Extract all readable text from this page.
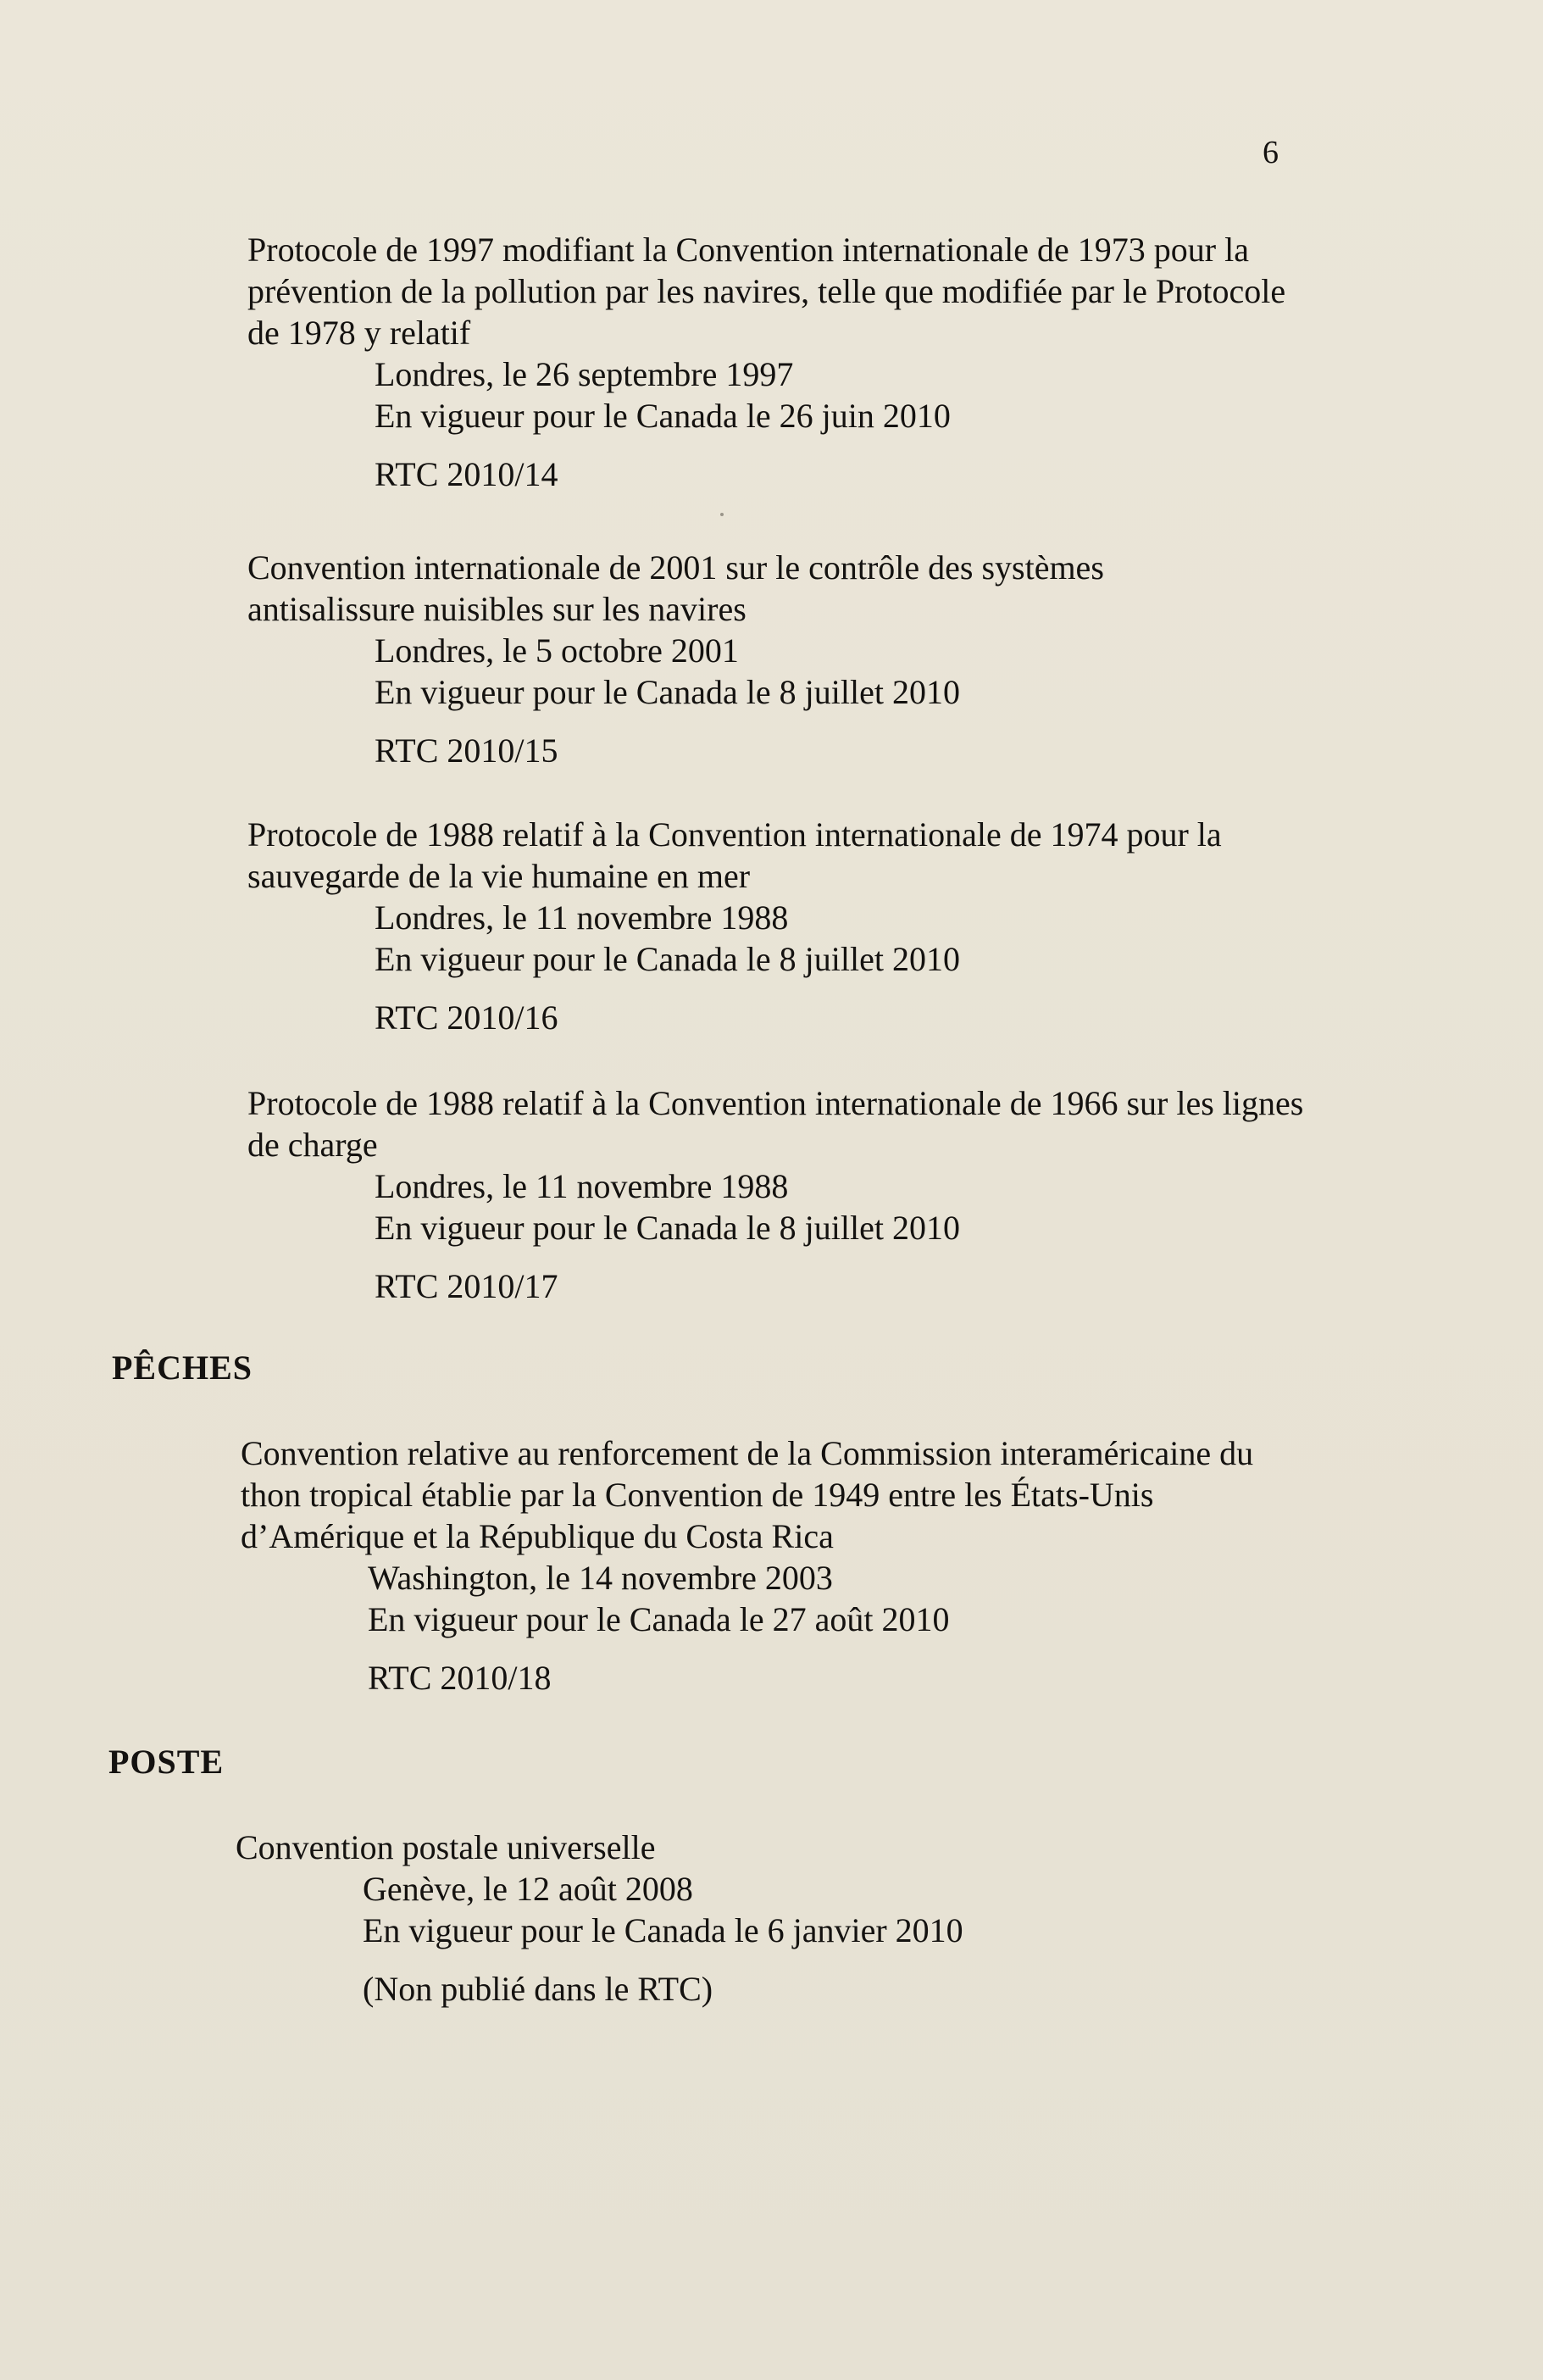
6

Protocole de 1997 modifiant la Convention internationale de 1973 pour la prévention de la pollution par les navires, telle que modifiée par le Protocole de 1978 y relatif

Londres, le 26 septembre 1997

En vigueur pour le Canada le 26 juin 2010

RTC 2010/14

Convention internationale de 2001 sur le contrôle des systèmes antisalissure nuisibles sur les navires

Londres, le 5 octobre 2001

En vigueur pour le Canada le 8 juillet 2010

RTC 2010/15

Protocole de 1988 relatif à la Convention internationale de 1974 pour la sauvegarde de la vie humaine en mer

Londres, le 11 novembre 1988

En vigueur pour le Canada le 8 juillet 2010

RTC 2010/16

Protocole de 1988 relatif à la Convention internationale de 1966 sur les lignes de charge

Londres, le 11 novembre 1988

En vigueur pour le Canada le 8 juillet 2010

RTC 2010/17
PÊCHES

Convention relative au renforcement de la Commission interaméricaine du thon tropical établie par la Convention de 1949 entre les États-Unis d’Amérique et la République du Costa Rica

Washington, le 14 novembre 2003

En vigueur pour le Canada le 27 août 2010

RTC 2010/18
POSTE

Convention postale universelle

Genève, le 12 août 2008

En vigueur pour le Canada le 6 janvier 2010

(Non publié dans le RTC)
